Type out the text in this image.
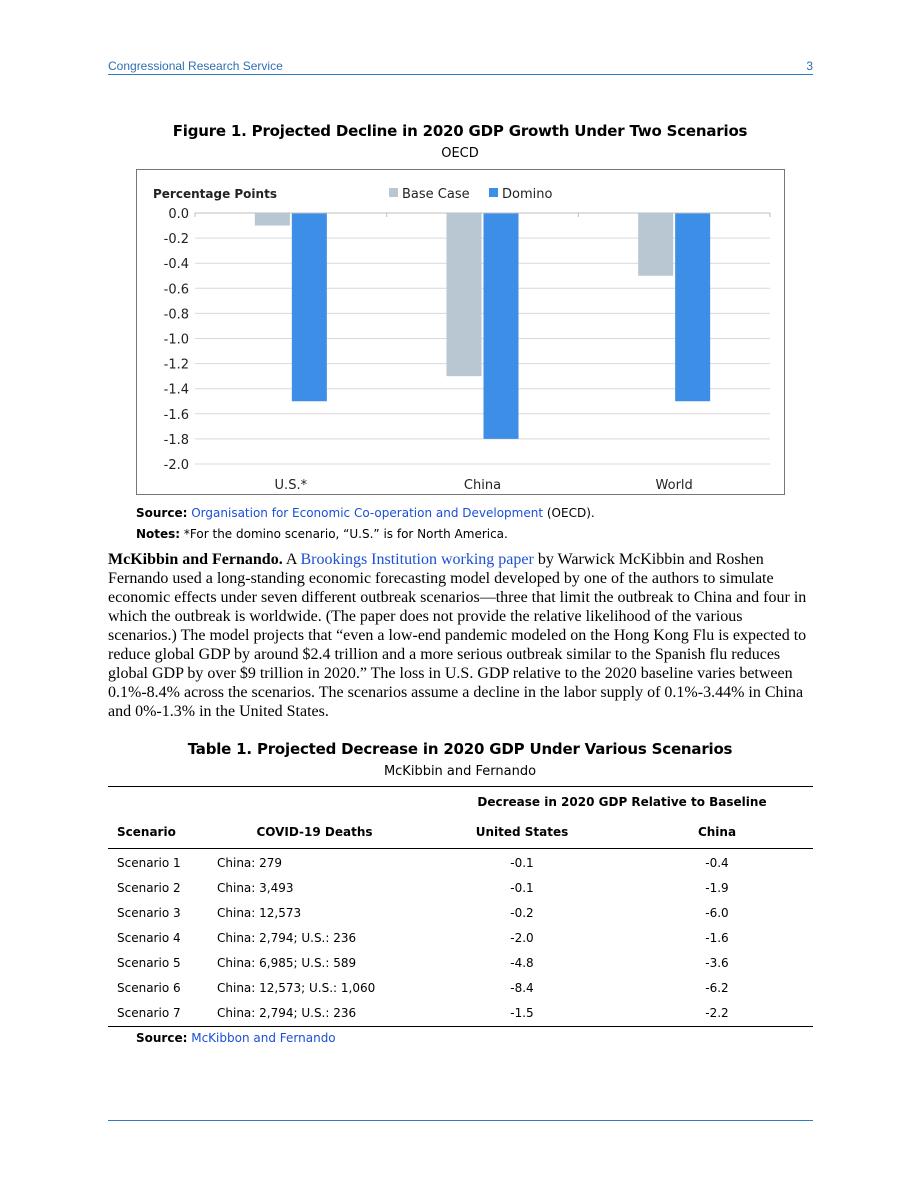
Congressional Research Service	3
Figure 1. Projected Decline in 2020 GDP Growth Under Two Scenarios
OECD
0.0
-0.2
-0.4
-0.6
-0.8
-1.0
-1.2
-1.4
-1.6
-1.8
-2.0
Percentage Points	Base Case Domino
U.S.*	China	World
Source: Organisation for Economic Co-operation and Development (OECD).
Notes: *For the domino scenario, “U.S.” is for North America.

McKibbin and Fernando. A Brookings Institution working paper by Warwick McKibbin and Roshen Fernando used a long-standing economic forecasting model developed by one of the authors to simulate economic effects under seven different outbreak scenarios—three that limit the outbreak to China and four in which the outbreak is worldwide. (The paper does not provide the relative likelihood of the various scenarios.) The model projects that “even a low-end pandemic modeled on the Hong Kong Flu is expected to reduce global GDP by around $2.4 trillion and a more serious outbreak similar to the Spanish flu reduces global GDP by over $9 trillion in 2020.” The loss in U.S. GDP relative to the 2020 baseline varies between 0.1%-8.4% across the scenarios. The scenarios assume a decline in the labor supply of 0.1%-3.44% in China and 0%-1.3% in the United States.

Table 1. Projected Decrease in 2020 GDP Under Various Scenarios
McKibbin and Fernando
Decrease in 2020 GDP Relative to Baseline
Scenario	COVID-19 Deaths	United States	China
Scenario 1	China: 279	-0.1	-0.4
Scenario 2	China: 3,493	-0.1	-1.9
Scenario 3	China: 12,573	-0.2	-6.0
Scenario 4	China: 2,794; U.S.: 236	-2.0	-1.6
Scenario 5	China: 6,985; U.S.: 589	-4.8	-3.6
Scenario 6	China: 12,573; U.S.: 1,060	-8.4	-6.2
Scenario 7	China: 2,794; U.S.: 236	-1.5	-2.2
Source: McKibbon and Fernando
